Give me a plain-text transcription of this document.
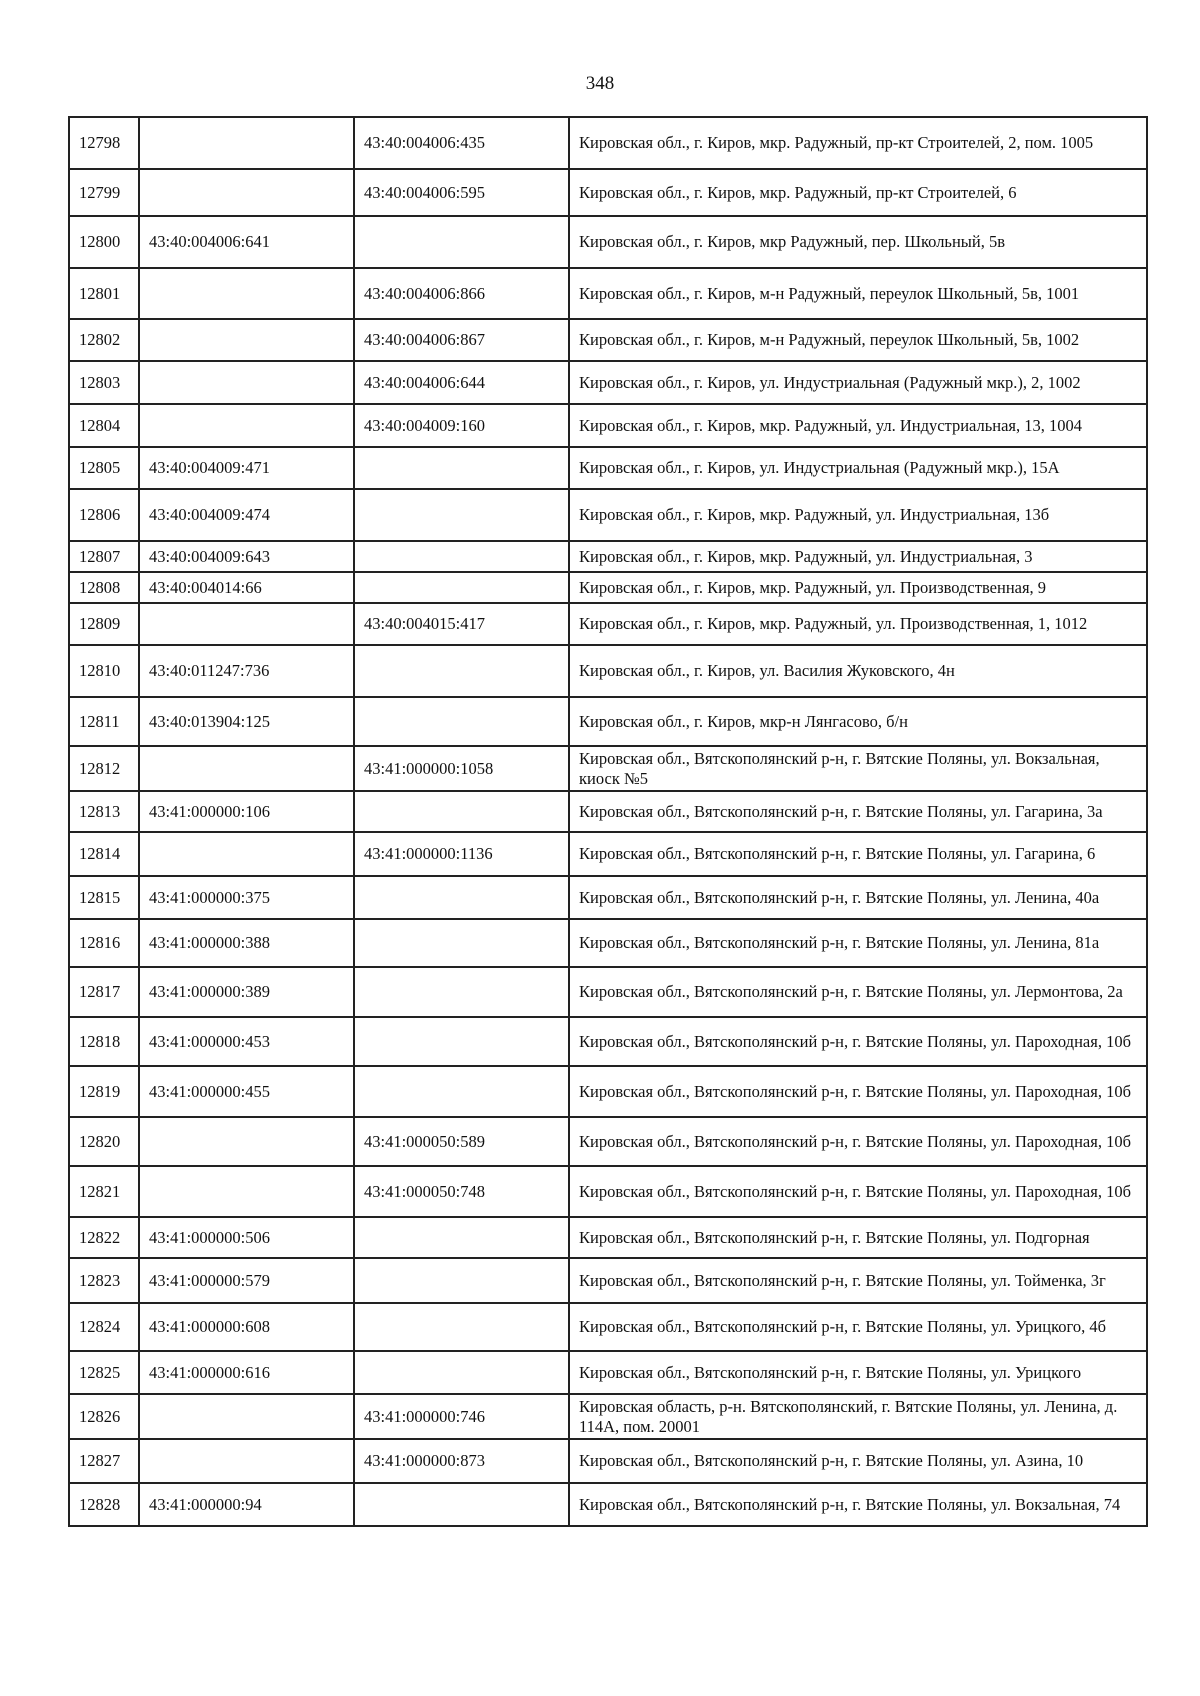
348
12798		43:40:004006:435	Кировская обл., г. Киров, мкр. Радужный, пр-кт Строителей, 2, пом. 1005
12799		43:40:004006:595	Кировская обл., г. Киров, мкр. Радужный, пр-кт Строителей, 6
12800	43:40:004006:641		Кировская обл., г. Киров, мкр Радужный, пер. Школьный, 5в
12801		43:40:004006:866	Кировская обл., г. Киров, м-н Радужный, переулок Школьный, 5в, 1001
12802		43:40:004006:867	Кировская обл., г. Киров, м-н Радужный, переулок Школьный, 5в, 1002
12803		43:40:004006:644	Кировская обл., г. Киров, ул. Индустриальная (Радужный мкр.), 2, 1002
12804		43:40:004009:160	Кировская обл., г. Киров, мкр. Радужный, ул. Индустриальная, 13, 1004
12805	43:40:004009:471		Кировская обл., г. Киров, ул. Индустриальная (Радужный мкр.), 15А
12806	43:40:004009:474		Кировская обл., г. Киров, мкр. Радужный, ул. Индустриальная, 13б
12807	43:40:004009:643		Кировская обл., г. Киров, мкр. Радужный, ул. Индустриальная, 3
12808	43:40:004014:66		Кировская обл., г. Киров, мкр. Радужный, ул. Производственная, 9
12809		43:40:004015:417	Кировская обл., г. Киров, мкр. Радужный, ул. Производственная, 1, 1012
12810	43:40:011247:736		Кировская обл., г. Киров, ул. Василия Жуковского, 4н
12811	43:40:013904:125		Кировская обл., г. Киров, мкр-н Лянгасово, б/н
12812		43:41:000000:1058	Кировская обл., Вятскополянский р-н, г. Вятские Поляны, ул. Вокзальная, киоск №5
12813	43:41:000000:106		Кировская обл., Вятскополянский р-н, г. Вятские Поляны, ул. Гагарина, 3а
12814		43:41:000000:1136	Кировская обл., Вятскополянский р-н, г. Вятские Поляны, ул. Гагарина, 6
12815	43:41:000000:375		Кировская обл., Вятскополянский р-н, г. Вятские Поляны, ул. Ленина, 40а
12816	43:41:000000:388		Кировская обл., Вятскополянский р-н, г. Вятские Поляны, ул. Ленина, 81а
12817	43:41:000000:389		Кировская обл., Вятскополянский р-н, г. Вятские Поляны, ул. Лермонтова, 2а
12818	43:41:000000:453		Кировская обл., Вятскополянский р-н, г. Вятские Поляны, ул. Пароходная, 10б
12819	43:41:000000:455		Кировская обл., Вятскополянский р-н, г. Вятские Поляны, ул. Пароходная, 10б
12820		43:41:000050:589	Кировская обл., Вятскополянский р-н, г. Вятские Поляны, ул. Пароходная, 10б
12821		43:41:000050:748	Кировская обл., Вятскополянский р-н, г. Вятские Поляны, ул. Пароходная, 10б
12822	43:41:000000:506		Кировская обл., Вятскополянский р-н, г. Вятские Поляны, ул. Подгорная
12823	43:41:000000:579		Кировская обл., Вятскополянский р-н, г. Вятские Поляны, ул. Тойменка, 3г
12824	43:41:000000:608		Кировская обл., Вятскополянский р-н, г. Вятские Поляны, ул. Урицкого, 4б
12825	43:41:000000:616		Кировская обл., Вятскополянский р-н, г. Вятские Поляны, ул. Урицкого
12826		43:41:000000:746	Кировская область, р-н. Вятскополянский, г. Вятские Поляны, ул. Ленина, д. 114А, пом. 20001
12827		43:41:000000:873	Кировская обл., Вятскополянский р-н, г. Вятские Поляны, ул. Азина, 10
12828	43:41:000000:94		Кировская обл., Вятскополянский р-н, г. Вятские Поляны, ул. Вокзальная, 74
